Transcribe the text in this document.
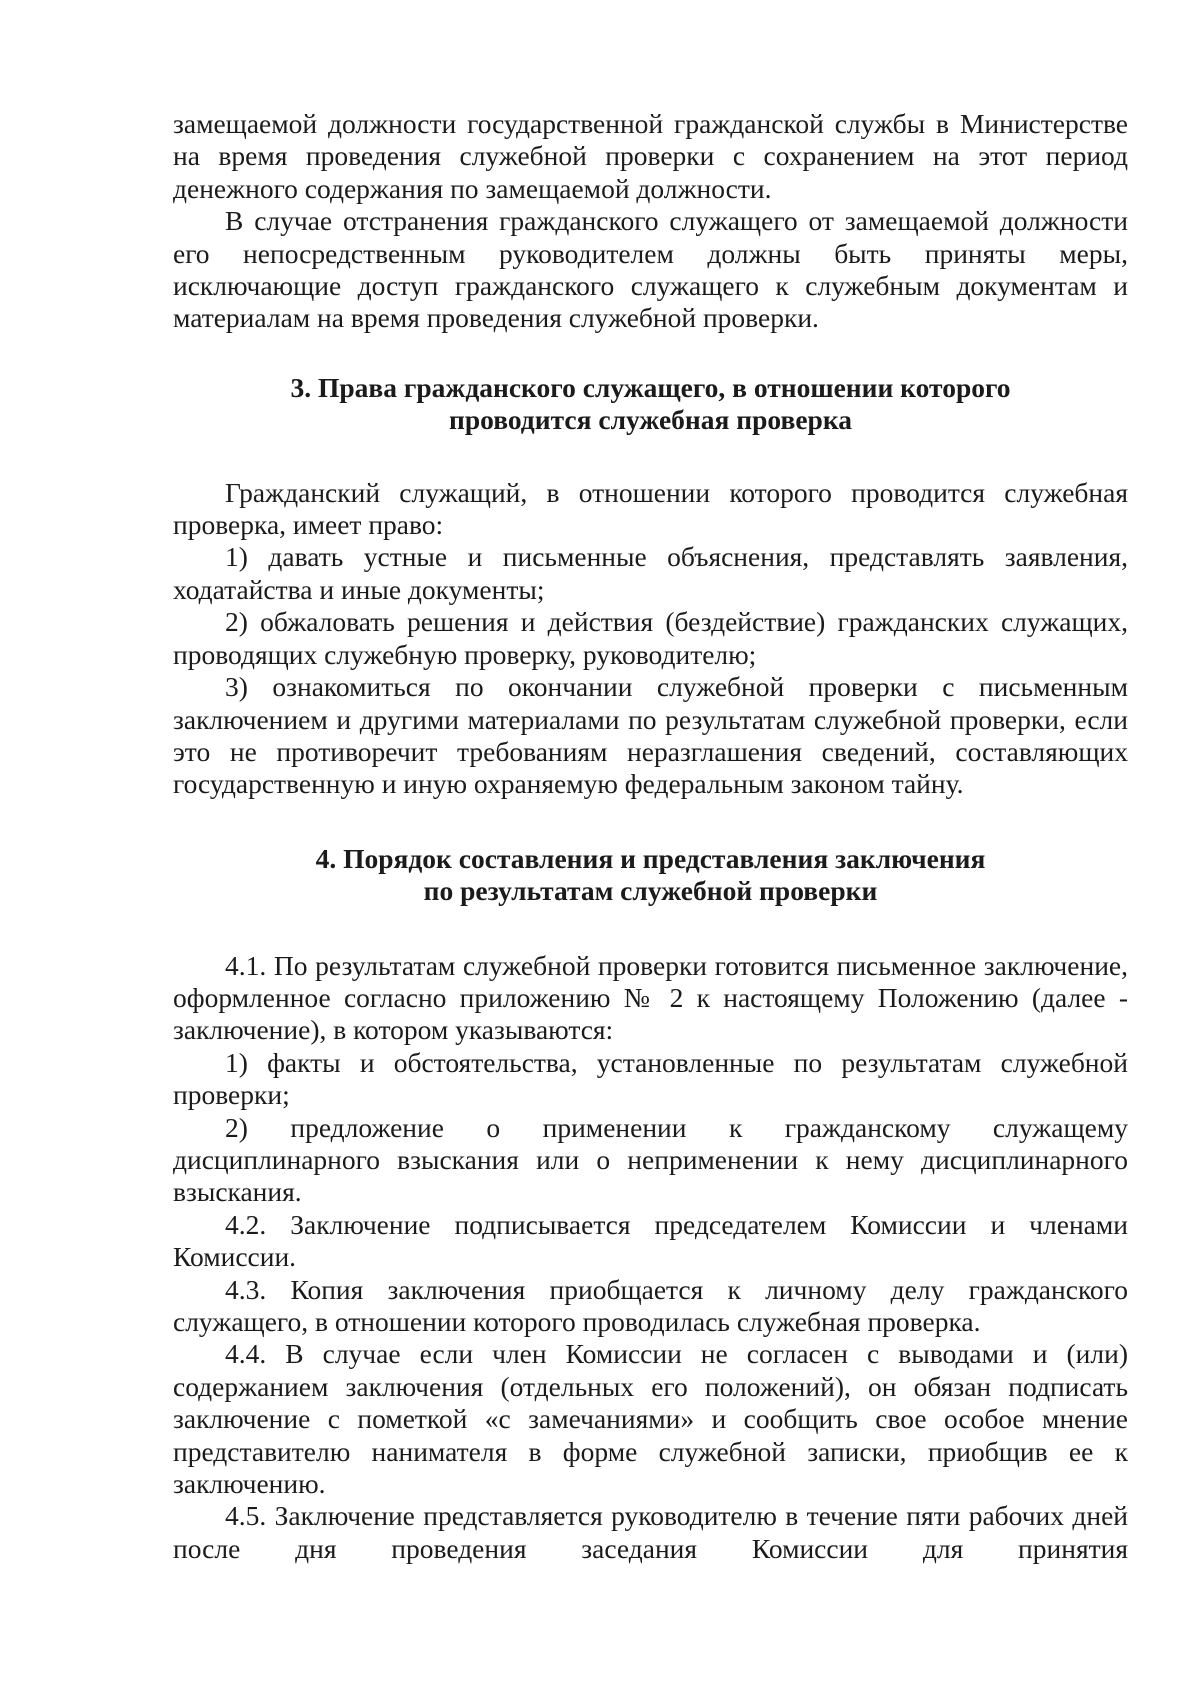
замещаемой должности государственной гражданской службы в Министерстве на время проведения служебной проверки с сохранением на этот период денежного содержания по замещаемой должности.

В случае отстранения гражданского служащего от замещаемой должности его непосредственным руководителем должны быть приняты меры, исключающие доступ гражданского служащего к служебным документам и материалам на время проведения служебной проверки.

3. Права гражданского служащего, в отношении которого
проводится служебная проверка

Гражданский служащий, в отношении которого проводится служебная проверка, имеет право:

1) давать устные и письменные объяснения, представлять заявления, ходатайства и иные документы;

2) обжаловать решения и действия (бездействие) гражданских служащих, проводящих служебную проверку, руководителю;

3) ознакомиться по окончании служебной проверки с письменным заключением и другими материалами по результатам служебной проверки, если это не противоречит требованиям неразглашения сведений, составляющих государственную и иную охраняемую федеральным законом тайну.

4. Порядок составления и представления заключения
по результатам служебной проверки

4.1. По результатам служебной проверки готовится письменное заключение, оформленное согласно приложению № 2 к настоящему Положению (далее - заключение), в котором указываются:

1) факты и обстоятельства, установленные по результатам служебной проверки;

2) предложение о применении к гражданскому служащему дисциплинарного взыскания или о неприменении к нему дисциплинарного взыскания.

4.2. Заключение подписывается председателем Комиссии и членами Комиссии.

4.3. Копия заключения приобщается к личному делу гражданского служащего, в отношении которого проводилась служебная проверка.

4.4. В случае если член Комиссии не согласен с выводами и (или) содержанием заключения (отдельных его положений), он обязан подписать заключение с пометкой «с замечаниями» и сообщить свое особое мнение представителю нанимателя в форме служебной записки, приобщив ее к заключению.

4.5. Заключение представляется руководителю в течение пяти рабочих дней после дня проведения заседания Комиссии для принятия
